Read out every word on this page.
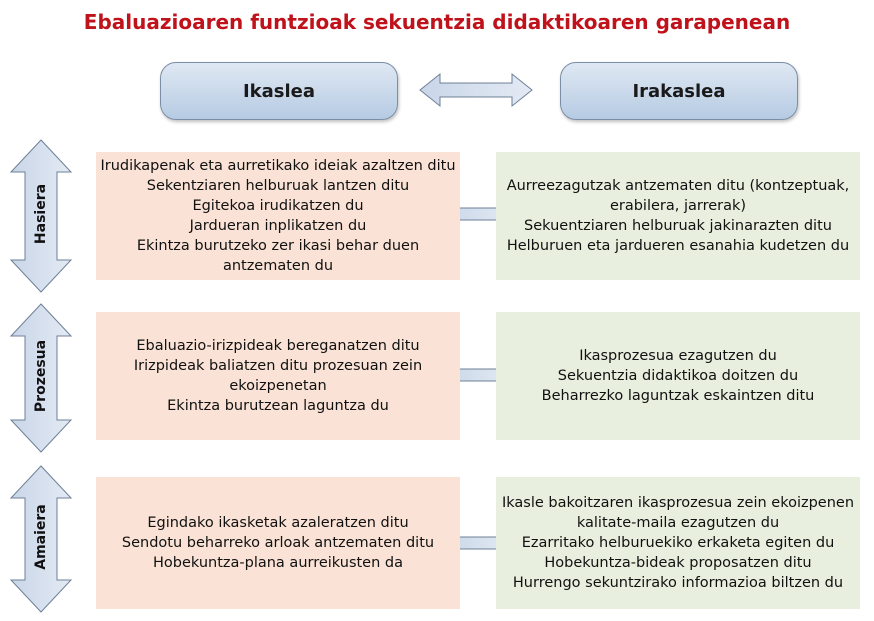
Ebaluazioaren funtzioak sekuentzia didaktikoaren garapenean
Ikaslea	Irakaslea
Hasiera
Prozesua
Amaiera
Irudikapenak eta aurretikako ideiak azaltzen ditu
Sekentziaren helburuak lantzen ditu
Egitekoa irudikatzen du
Jardueran inplikatzen du
Ekintza burutzeko zer ikasi behar duen
antzematen du
Aurreezagutzak antzematen ditu (kontzeptuak,
erabilera, jarrerak)
Sekuentziaren helburuak jakinarazten ditu
Helburuen eta jardueren esanahia kudetzen du
Ebaluazio-irizpideak bereganatzen ditu
Irizpideak baliatzen ditu prozesuan zein
ekoizpenetan
Ekintza burutzean laguntza du
Ikasprozesua ezagutzen du
Sekuentzia didaktikoa doitzen du
Beharrezko laguntzak eskaintzen ditu
Egindako ikasketak azaleratzen ditu
Sendotu beharreko arloak antzematen ditu
Hobekuntza-plana aurreikusten da
Ikasle bakoitzaren ikasprozesua zein ekoizpenen
kalitate-maila ezagutzen du
Ezarritako helburuekiko erkaketa egiten du
Hobekuntza-bideak proposatzen ditu
Hurrengo sekuntzirako informazioa biltzen du
